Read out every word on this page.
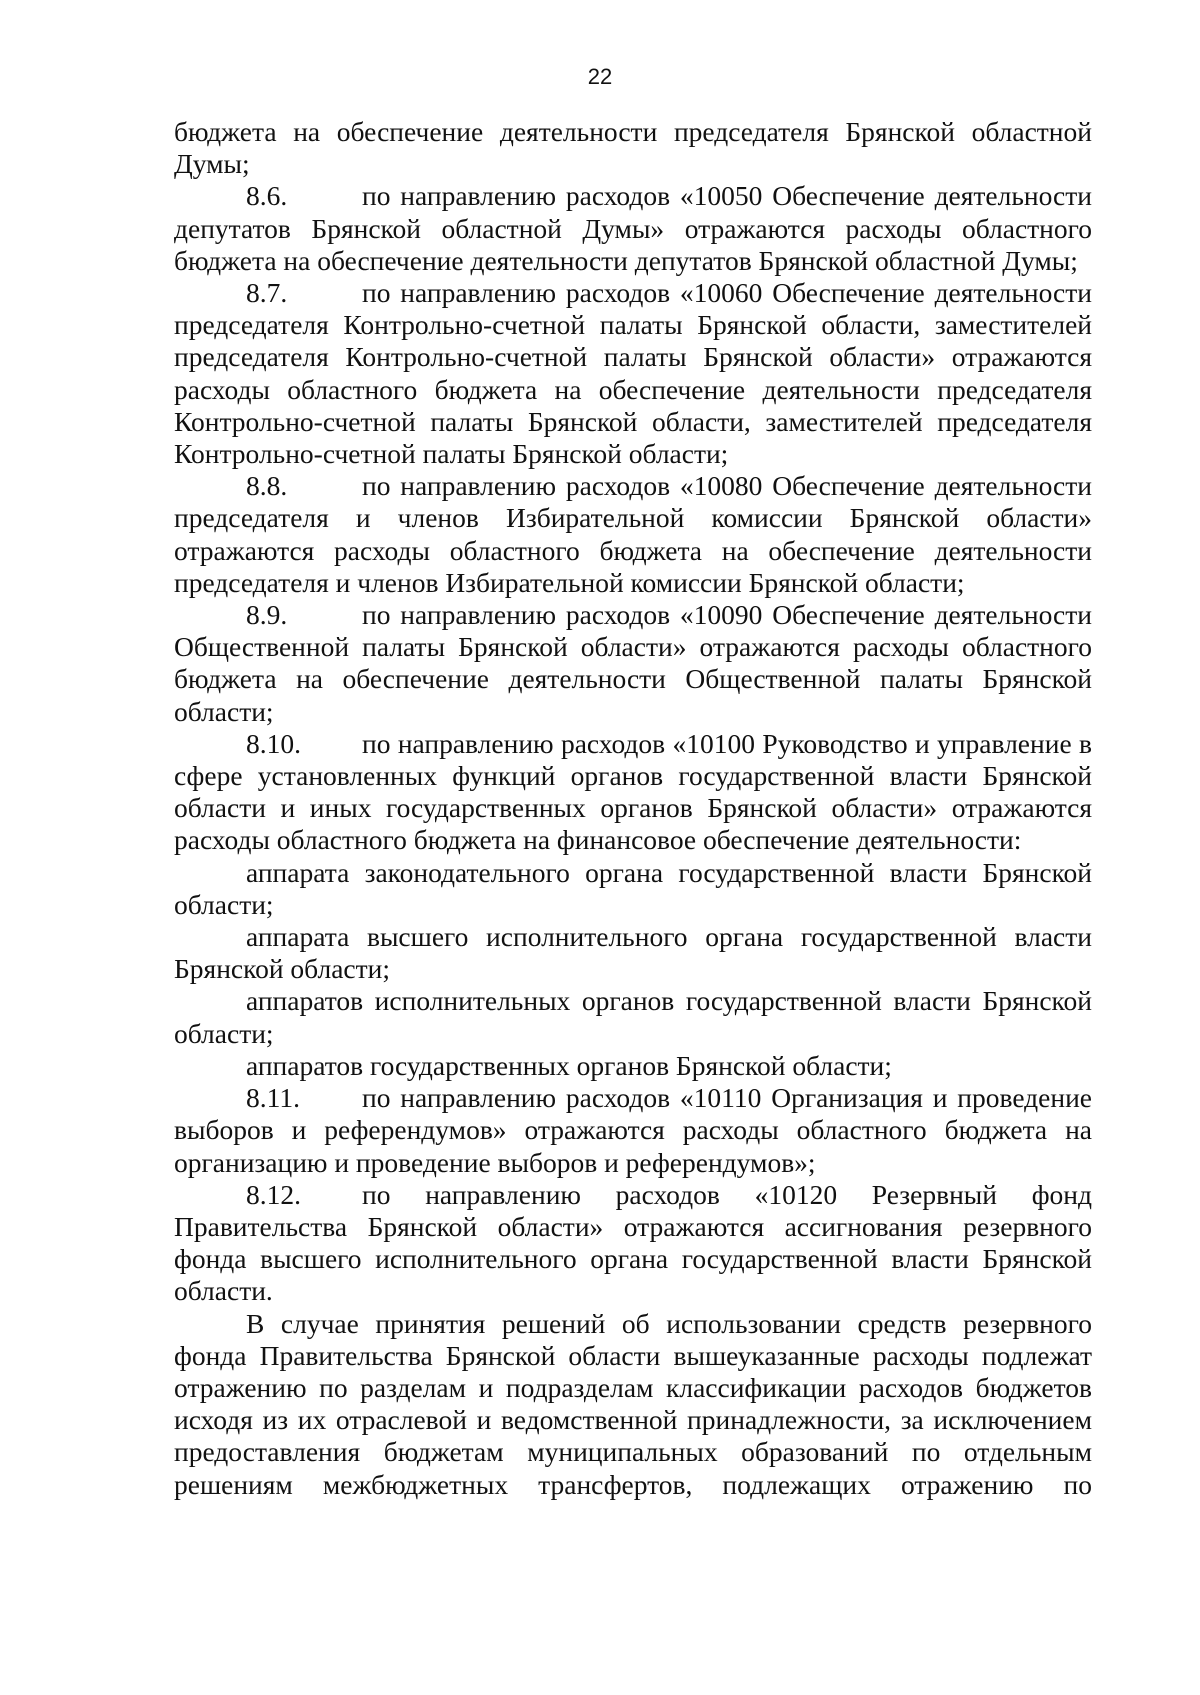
22

бюджета на обеспечение деятельности председателя Брянской областной Думы;

8.6.	по направлению расходов «10050 Обеспечение деятельности депутатов Брянской областной Думы» отражаются расходы областного бюджета на обеспечение деятельности депутатов Брянской областной Думы;

8.7.	по направлению расходов «10060 Обеспечение деятельности председателя Контрольно-счетной палаты Брянской области, заместителей председателя Контрольно-счетной палаты Брянской области» отражаются расходы областного бюджета на обеспечение деятельности председателя Контрольно-счетной палаты Брянской области, заместителей председателя Контрольно-счетной палаты Брянской области;

8.8.	по направлению расходов «10080 Обеспечение деятельности председателя и членов Избирательной комиссии Брянской области» отражаются расходы областного бюджета на обеспечение деятельности председателя и членов Избирательной комиссии Брянской области;

8.9.	по направлению расходов «10090 Обеспечение деятельности Общественной палаты Брянской области» отражаются расходы областного бюджета на обеспечение деятельности Общественной палаты Брянской области;

8.10. по направлению расходов «10100 Руководство и управление в сфере установленных функций органов государственной власти Брянской области и иных государственных органов Брянской области» отражаются расходы областного бюджета на финансовое обеспечение деятельности:

аппарата законодательного органа государственной власти Брянской области;

аппарата высшего исполнительного органа государственной власти Брянской области;

аппаратов исполнительных органов государственной власти Брянской области;

аппаратов государственных органов Брянской области;

8.11. по направлению расходов «10110 Организация и проведение выборов и референдумов» отражаются расходы областного бюджета на организацию и проведение выборов и референдумов»;

8.12. по направлению расходов «10120 Резервный фонд Правительства Брянской области» отражаются ассигнования резервного фонда высшего исполнительного органа государственной власти Брянской области.

В случае принятия решений об использовании средств резервного фонда Правительства Брянской области вышеуказанные расходы подлежат отражению по разделам и подразделам классификации расходов бюджетов исходя из их отраслевой и ведомственной принадлежности, за исключением предоставления бюджетам муниципальных образований по отдельным решениям межбюджетных трансфертов, подлежащих отражению по
